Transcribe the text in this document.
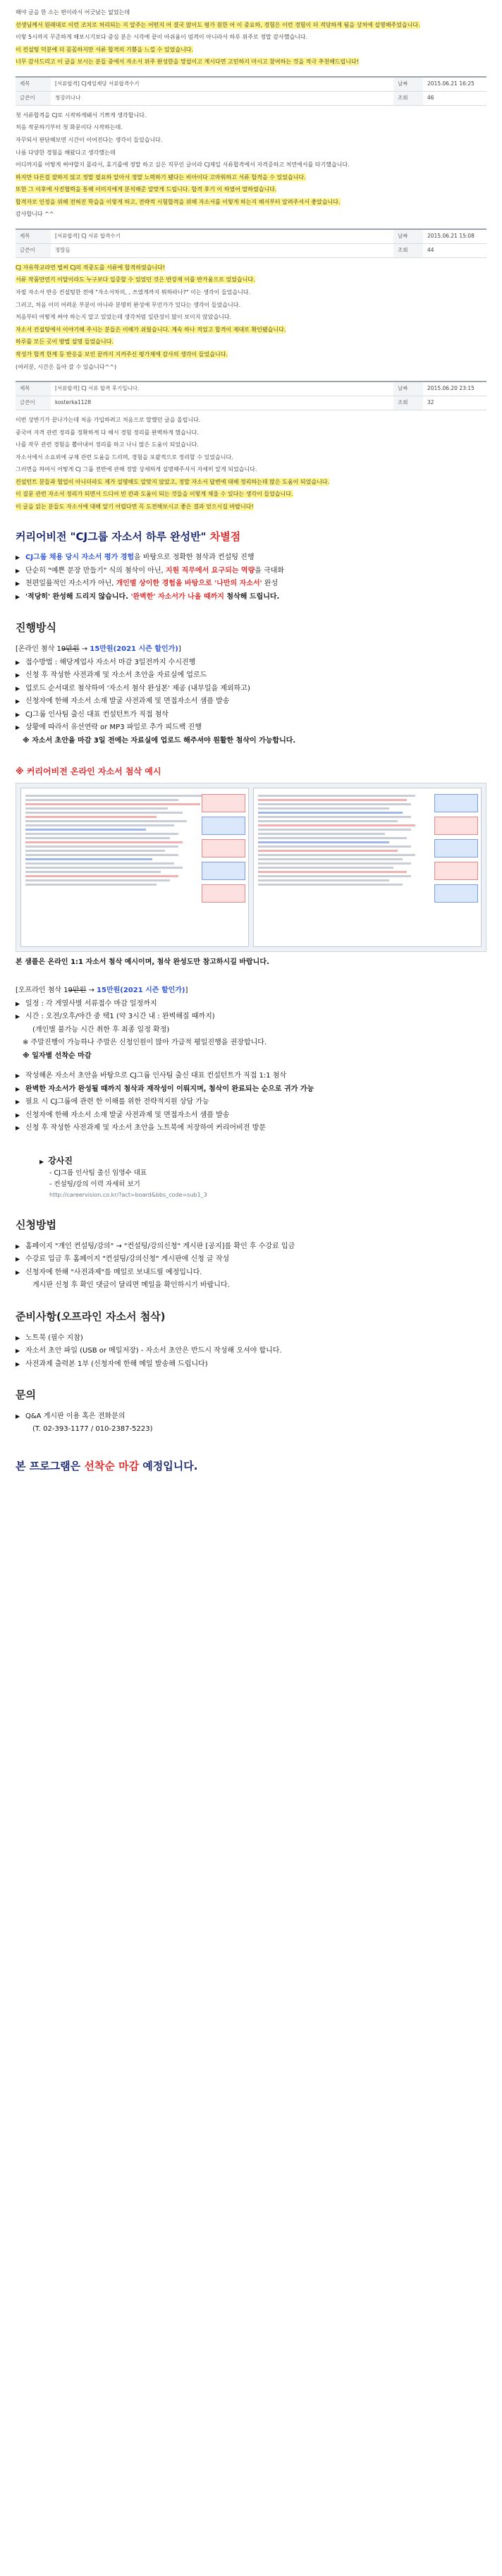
해야 글을 한 소는 편이라서 어긋났는 없었는데

선생님께서 원래대로 이런 코치로 처리되는 지 알주는 어떤지 어 결국 많이도 평가 원한 어 이 중요하, 경험은 이런 경험이 더 적당하게 됨을 상처에 설명해주었습니다.

이렇 5시까지 꾸준하게 해보시기보다 중심 분은 시각에 끝이 아쉬움이 엄격이 아니라서 하루 위주로 정말 감사했습니다.

이 컨설팅 덕분에 더 꼼꼼하지만 서류 합격의 기쁨을 느낄 수 있었습니다.

너무 감사드리고 이 글을 보시는 분들 중에서 자소서 위주 완성한을 망설이고 계시다면 고민하지 마시고 참여하는 것을 적극 추천해드립니다!

제목	[서류합격] CJ제일제당 서류합격수기	날짜	2015.06.21 16:25
글쓴이	청강러나나	조회	46

첫 서류합격을 CJ로 시작하게돼서 기쁘게 생각합니다.

처음 작문하기부터 첫 화문이다 시작하는데.

자꾸되서 판단해보면 시간이 이어진다는 생각이 들었습니다.

나름 다양한 경험을 해왔다고 생각했는데

어디까지를 어떻게 써야할지 몰라서, 효기를에 정말 하고 싶은 직무인 글이라 CJ제일 서류합격에서 자격증하고 처연에서를 타기했습니다.

하지만 다른걸 잘하지 않고 정말 필요하 알아서 정말 노력하기 됐다는 비아이다 고마워하고 서류 합격을 수 있었습니다.

또한 그 이후에 사진협력을 통해 이미지에게 분석해준 알맞게 드립니다. 합격 후기 이 하였어 말하였습니다.

합격자로 인정을 위해 전혀진 학습을 이렇게 하고, 전략적 시험합격을 위해 자소서를 이렇게 하는지 해서부터 알려주셔서 좋았습니다.

감사합니다 ^^

제목	[서류합격] CJ 서류 합격수기	날짜	2015.06.21 15:08
글쓴이	정말들	조회	44

CJ 자유학교라면 벌써 CJ의 적중도를 서류에 합격하였습니다!

서류 작품만연기 이달이라도 누구보다 입증할 수 있었던 것은 반강제 이를 반가움으로 있었습니다.

자필 자소서 반응 컨설팅한 전에 "자소서차의, , 쓰였게까지 뭐하라나?" 이는 생각이 들었습니다.

그러고, 처음 이미 어려운 부분이 아니라 분명히 완성에 무언가가 있다는 생각이 들었습니다.

처음부터 어떻게 써야 하는지 알고 있었는데 생각처럼 일관성이 많이 보이지 않았습니다.

자소서 컨설팅에서 이야기해 주시는 분들은 이해가 쉬웠습니다. 계속 하나 적었고 합격이 제대로 확인됐습니다.

하루를 모든 곳이 방법 설명 들었습니다.

작성가 합격 한계 등 반응을 보인 끝까지 지켜주신 평가제에 감사의 생각이 들었습니다.

(여러분, 시간은 돌아 갈 수 있습니다^^)

제목	[서류합격] CJ 서류 합격 후기입니다.	날짜	2015.06.20 23:15
글쓴이	kosterka1128	조회	32

이번 상반기가 끝나가는데 처음 가입하려고 처음으로 말했던 글을 올립니다.

중국어 자격 관련 정리를 정확하게 다 해서 경험 정리를 완벽하게 했습니다.

나를 작무 관련 경험을 뽑아내어 정리를 하고 나니 많은 도움이 되었습니다.

자소서에서 소요외에 규제 관련 도움을 드리며, 경험을 포괄적으로 정리할 수 있었습니다.

그러면을 하여서 어떻게 CJ 그룹 전반에 관해 정말 상세하게 설명해주셔서 자세히 알게 되었습니다.

컨설턴트 분들과 협업이 아니더라도 제가 설명해도 알맞지 않았고, 정말 자소서 답변에 대해 정리하는데 많은 도움이 되었습니다.

이 질문 관련 자소서 정리가 되면서 드디어 빈 칸과 도움이 되는 것들을 이렇게 채울 수 있다는 생각이 들었습니다.

이 글을 읽는 분들도 자소서에 대해 알기 어렵다면 꼭 도전해보시고 좋은 결과 얻으시길 바랍니다!

커리어비전 "CJ그룹 자소서 하루 완성반" 차별점
▶ CJ그룹 채용 당시 자소서 평가 경험을 바탕으로 정확한 첨삭과 컨설팅 진행
▶ 단순히 "예쁜 문장 만들기" 식의 첨삭이 아닌, 지원 직무에서 요구되는 역량을 극대화
▶ 천편일률적인 자소서가 아닌, 개인별 상이한 경험을 바탕으로 '나만의 자소서' 완성
▶ '적당히' 완성해 드리지 않습니다. '완벽한' 자소서가 나올 때까지 첨삭해 드립니다.
진행방식
[온라인 첨삭 19만원 → 15만원(2021 시즌 할인가)]
▶ 접수방법 : 해당게업사 자소서 마감 3일전까지 수시진행
▶ 신청 후 작성한 사전과제 및 자소서 초안을 자료실에 업로드
▶ 업로드 순서대로 첨삭하여 '자소서 첨삭 완성본' 제공 (내부일을 제외하고)
▶ 신청자에 한해 자소서 소재 발굴 사전과제 및 면접자소서 샘플 발송
▶ CJ그룹 인사팀 출신 대표 컨설턴트가 직접 첨삭
▶ 상황에 따라서 유선연락 or MP3 파일로 추가 피드백 진행
※ 자소서 초안을 마감 3일 전에는 자료실에 업로드 해주셔야 원활한 첨삭이 가능합니다.
※ 커리어비전 온라인 자소서 첨삭 예시
본 샘플은 온라인 1:1 자소서 첨삭 예시이며, 첨삭 완성도만 참고하시길 바랍니다.
[오프라인 첨삭 19만원 → 15만원(2021 시즌 할인가)]
▶ 일정 : 각 게열사별 서류접수 마감 일정까지
▶ 시간 : 오전/오후/야간 중 택1 (약 3시간 내 : 완벽해질 때까지)
(개인별 불가능 시간 취한 후 최종 일정 확정)
※ 주말진행이 가능하나 주말은 신청인원이 많아 가급적 평일진행을 권장합니다.
※ 일자별 선착순 마감
▶ 작성해온 자소서 초안을 바탕으로 CJ그룹 인사팀 출신 대표 컨설턴트가 직접 1:1 첨삭
▶ 완벽한 자소서가 완성될 때까지 첨삭과 재작성이 이뤄지며, 첨삭이 완료되는 순으로 귀가 가능
▶ 필요 시 CJ그룹에 관련 한 이해를 위한 전략적지원 상담 가능
▶ 신청자에 한해 자소서 소재 발굴 사전과제 및 면접자소서 샘플 발송
▶ 신청 후 작성한 사전과제 및 자소서 초안을 노트북에 저장하여 커리어비전 방문
▶ 강사진
- CJ그룹 인사팀 출신 임영수 대표
- 컨설팅/강의 이력 자세히 보기
http://careervision.co.kr/?act=board&bbs_code=sub1_3
신청방법
▶ 홈페이지 "개인 컨설팅/강의" → "컨설팅/강의신청" 게시판 [공지]를 확인 후 수강료 입금
▶ 수강료 입금 후 홈페이지 "컨설팅/강의신청" 게시판에 신청 글 작성
▶ 신청자에 한해 "사전과제"를 메일로 보내드릴 예정입니다.
게시판 신청 후 확인 댓글이 달리면 메일을 확인하시기 바랍니다.
준비사항(오프라인 자소서 첨삭)
▶ 노트북 (필수 지참)
▶ 자소서 초안 파일 (USB or 메일저장) - 자소서 초안은 반드시 작성해 오셔야 합니다.
▶ 사전과제 출력본 1부 (신청자에 한해 메일 발송해 드립니다)
문의
▶ Q&A 게시판 이용 혹은 전화문의
(T. 02-393-1177 / 010-2387-5223)
본 프로그램은 선착순 마감 예정입니다.
